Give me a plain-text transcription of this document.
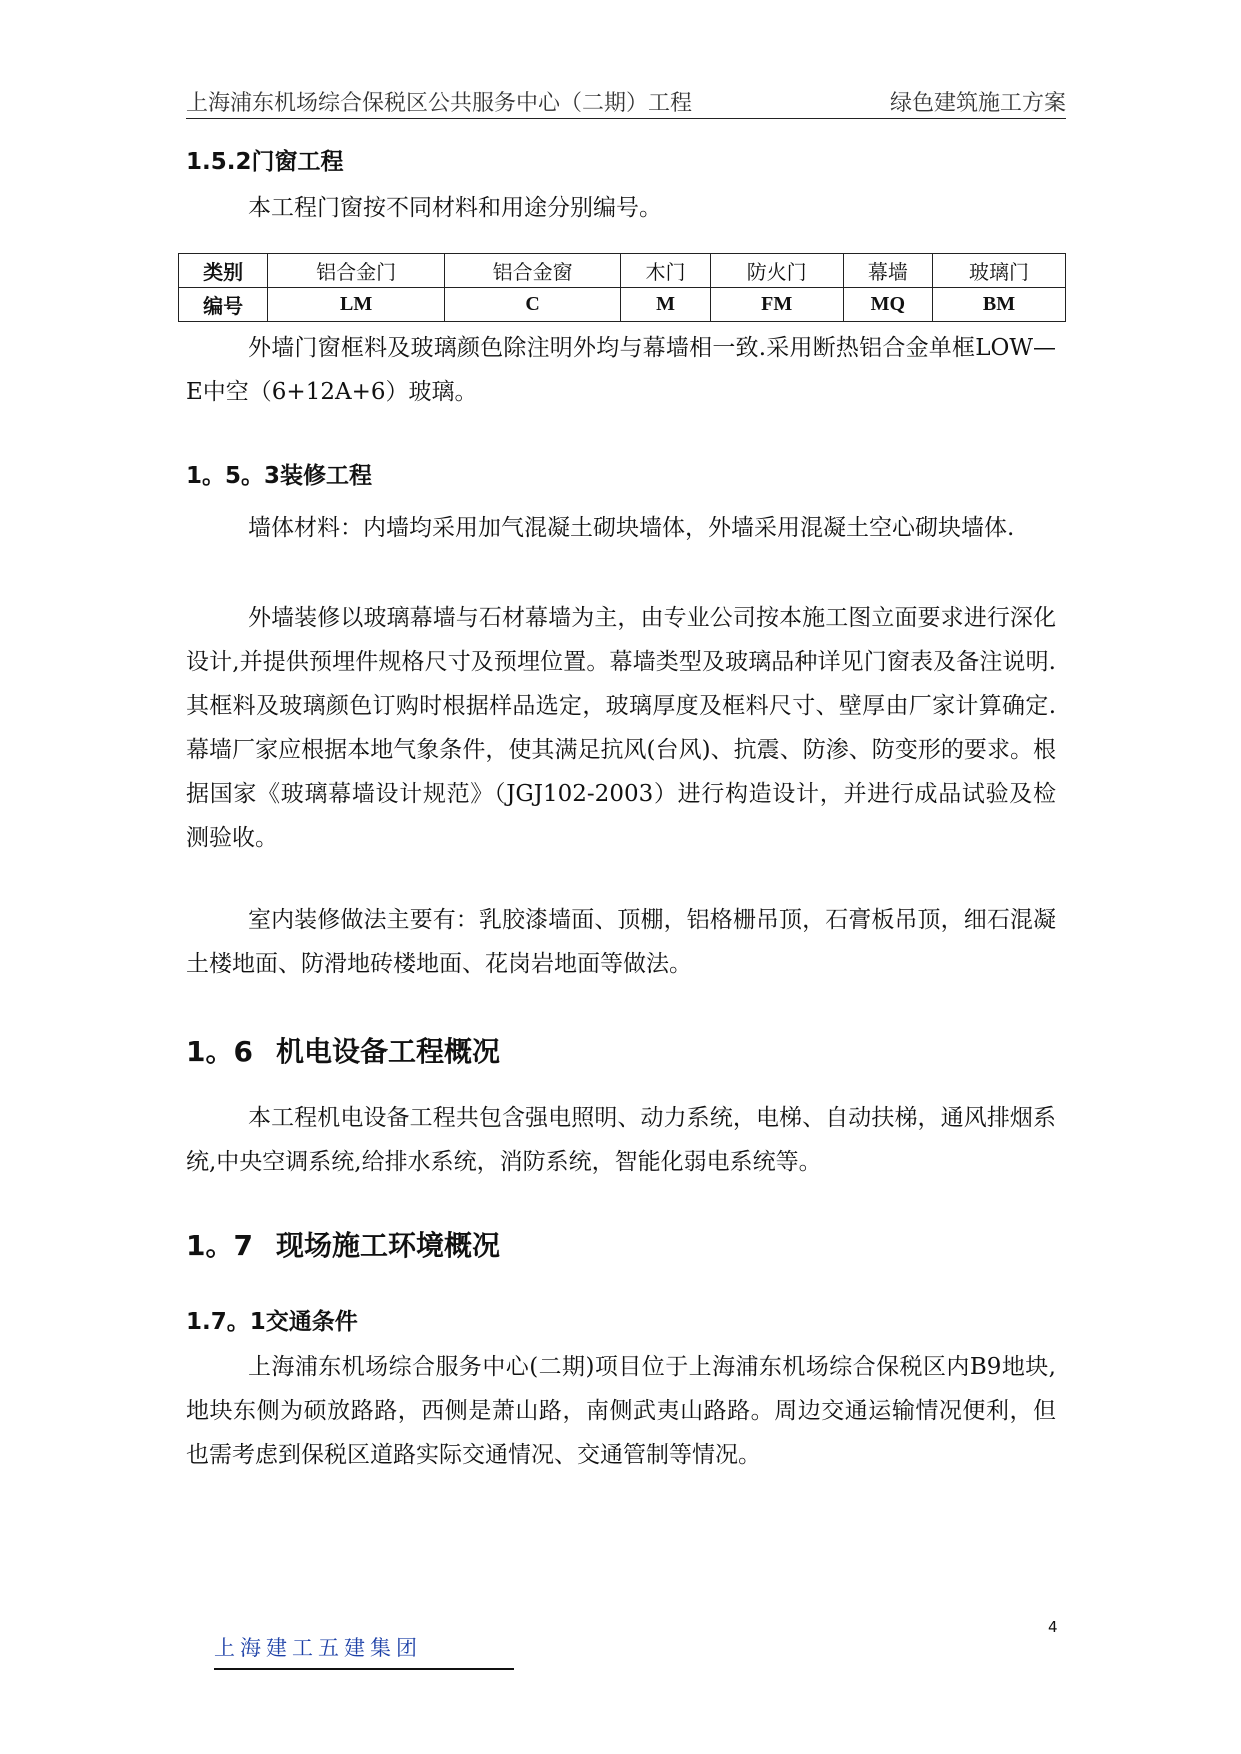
上海浦东机场综合保税区公共服务中心（二期）工程	绿色建筑施工方案
1.5.2门窗工程
本工程门窗按不同材料和用途分别编号。
类别	铝合金门	铝合金窗	木门	防火门	幕墙	玻璃门
编号	LM	C	M	FM	MQ	BM
外墙门窗框料及玻璃颜色除注明外均与幕墙相一致.采用断热铝合金单框LOW—E中空（6+12A+6）玻璃。
1。5。3装修工程
墙体材料：内墙均采用加气混凝土砌块墙体，外墙采用混凝土空心砌块墙体.
外墙装修以玻璃幕墙与石材幕墙为主，由专业公司按本施工图立面要求进行深化设计,并提供预埋件规格尺寸及预埋位置。幕墙类型及玻璃品种详见门窗表及备注说明.其框料及玻璃颜色订购时根据样品选定，玻璃厚度及框料尺寸、壁厚由厂家计算确定.幕墙厂家应根据本地气象条件，使其满足抗风(台风)、抗震、防渗、防变形的要求。根据国家《玻璃幕墙设计规范》（JGJ102-2003）进行构造设计，并进行成品试验及检测验收。
室内装修做法主要有：乳胶漆墙面、顶棚，铝格栅吊顶，石膏板吊顶，细石混凝土楼地面、防滑地砖楼地面、花岗岩地面等做法。
1。6 机电设备工程概况
本工程机电设备工程共包含强电照明、动力系统，电梯、自动扶梯，通风排烟系统,中央空调系统,给排水系统，消防系统，智能化弱电系统等。
1。7 现场施工环境概况
1.7。1交通条件
上海浦东机场综合服务中心(二期)项目位于上海浦东机场综合保税区内B9地块,地块东侧为硕放路路，西侧是萧山路，南侧武夷山路路。周边交通运输情况便利，但也需考虑到保税区道路实际交通情况、交通管制等情况。
4
上海建工五建集团
